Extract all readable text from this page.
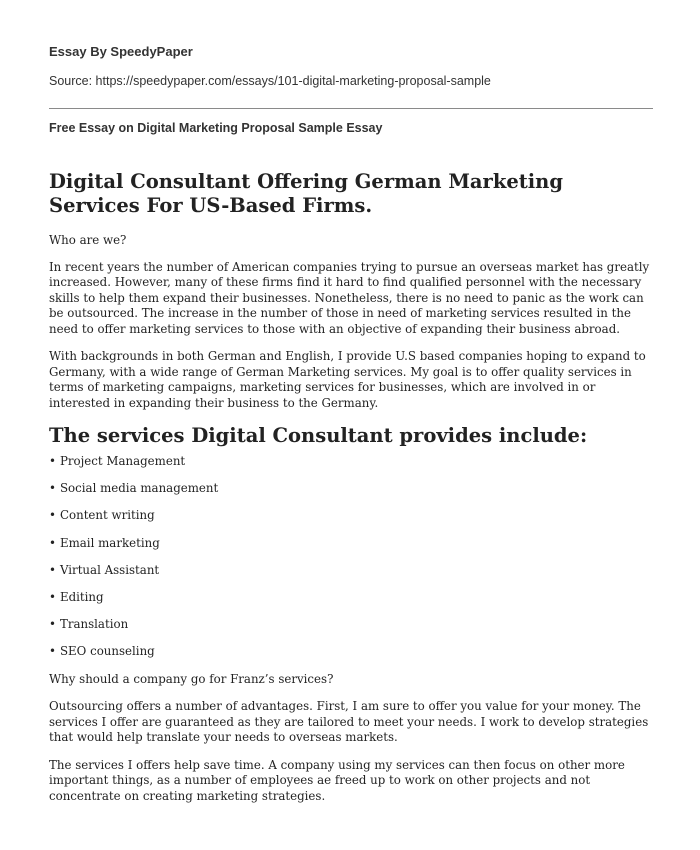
Essay By SpeedyPaper
Source: https://speedypaper.com/essays/101-digital-marketing-proposal-sample
Free Essay on Digital Marketing Proposal Sample Essay
Digital Consultant Offering German Marketing Services For US-Based Firms.

Who are we?

In recent years the number of American companies trying to pursue an overseas market has greatly increased. However, many of these firms find it hard to find qualified personnel with the necessary skills to help them expand their businesses. Nonetheless, there is no need to panic as the work can be outsourced. The increase in the number of those in need of marketing services resulted in the need to offer marketing services to those with an objective of expanding their business abroad.

With backgrounds in both German and English, I provide U.S based companies hoping to expand to Germany, with a wide range of German Marketing services. My goal is to offer quality services in terms of marketing campaigns, marketing services for businesses, which are involved in or interested in expanding their business to the Germany.

The services Digital Consultant provides include:
• Project Management
• Social media management
• Content writing
• Email marketing
• Virtual Assistant
• Editing
• Translation
• SEO counseling

Why should a company go for Franz’s services?

Outsourcing offers a number of advantages. First, I am sure to offer you value for your money. The services I offer are guaranteed as they are tailored to meet your needs. I work to develop strategies that would help translate your needs to overseas markets.

The services I offers help save time. A company using my services can then focus on other more important things, as a number of employees ae freed up to work on other projects and not concentrate on creating marketing strategies.
